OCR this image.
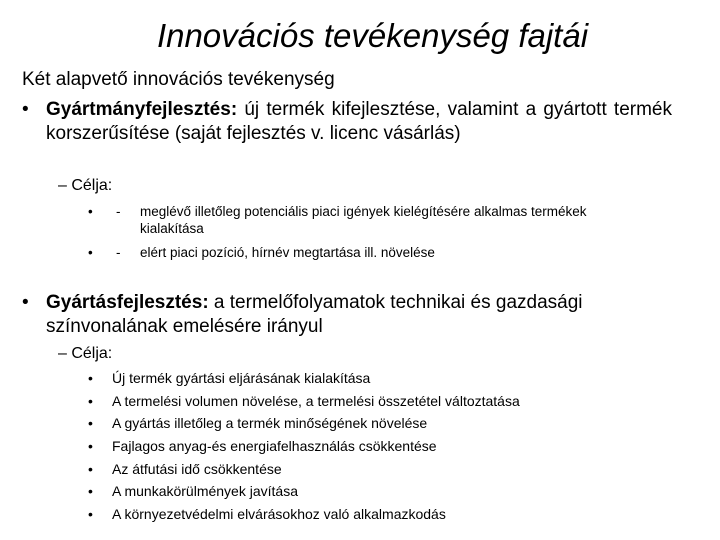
Innovációs tevékenység fajtái
Két alapvető innovációs tevékenység
• Gyártmányfejlesztés: új termék kifejlesztése, valamint a gyártott termék korszerűsítése (saját fejlesztés v. licenc vásárlás)
– Célja:
• - meglévő illetőleg potenciális piaci igények kielégítésére alkalmas termékek kialakítása
• - elért piaci pozíció, hírnév megtartása ill. növelése
• Gyártásfejlesztés: a termelőfolyamatok technikai és gazdasági színvonalának emelésére irányul
– Célja:
• Új termék gyártási eljárásának kialakítása
• A termelési volumen növelése, a termelési összetétel változtatása
• A gyártás illetőleg a termék minőségének növelése
• Fajlagos anyag-és energiafelhasználás csökkentése
• Az átfutási idő csökkentése
• A munkakörülmények javítása
• A környezetvédelmi elvárásokhoz való alkalmazkodás
